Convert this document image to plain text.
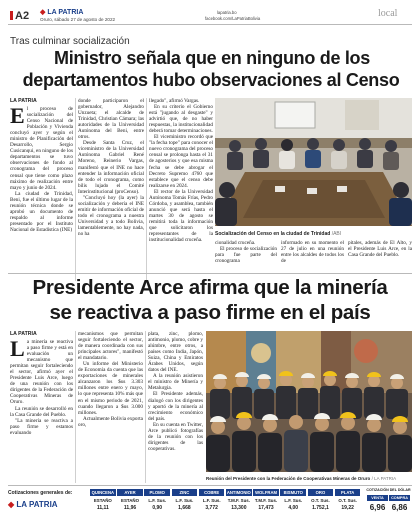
A2 ◆ LA PATRIA
Oruro, sábado 27 de agosto de 2022
lapatria.bo
facebook.com/LaPatriaBolivia	local
Tras culminar socialización
Ministro señala que en ninguno de los
departamentos hubo observaciones al Censo
LA PATRIA

El proceso de socialización del Censo Nacional de Población y Vivienda concluyó ayer y según el ministro de Planificación del Desarrollo, Sergio Cusicanqui, en ninguno de los departamentos se tuvo observaciones de fondo al cronograma del proceso censal que tiene como plazo máximo de realización entre mayo y junio de 2024.

La ciudad de Trinidad, Beni, fue el último lugar de la reunión técnica donde se aprobó un documento de respaldo al informe presentado por el Instituto Nacional de Estadística (INE)

donde participaron el gobernador, Alejandro Unzueta; el alcalde de Trinidad, Christian Cámara; las autoridades de la Universidad Autónoma del Beni, entre otros.

Desde Santa Cruz, el viceministro de la Universidad Autónoma Gabriel René Moreno, Reinerio Vargas, manifestó que el INE no hace entender la información oficial de todo el cronograma, como bilis lujado el Comité Interinstitucional (proCenso).

"Concluyó hoy (la ayer) la socialización y debería el INE emitir de información oficial de todo el cronograma a nuestra Universidad y a todo Bolivia, lamentablemente, no hay nada, no ha

llegado", afirmó Vargas.

En su criterio el Gobierno está "jugando al desgaste" y advirtió que, de no haber respuestas, la institucionalidad deberá tomar determinaciones.

El viceministro recordó que "la fecha tope" para conocer el nuevo cronograma del proceso censal se prolonga hasta el 31 de agosterios y que esa misma fecha se debe abrogar el Decreto Supremo 4760 que establece que el censo debe realizarse en 2024.

El rector de la Universidad Autónoma Tomás Frías, Pedro Córdoba, y asamblea, también anunció que será hasta el martes 30 de agosto se remitirá toda la información que solicitaron los representantes de la institucionalidad cruceña.

Socialización del Censo en la ciudad de Trinidad /ABI

cionalidad cruceña.

El proceso de socialización para fue parte del cronograma

informado en su momento el 27 de julio en una reunión entre los alcaldes de todos los de

pitales, además de El Alto, y el Presidente Luis Arce, en la Casa Grande del Pueblo.

Presidente Arce afirma que la minería
se reactiva a paso firme en el país
LA PATRIA

La minería se reactiva a paso firme y está en evaluación un mecanismo que permitan seguir fortaleciendo el sector, afirmó ayer el Presidente Luis Arce, luego de una reunión con los dirigentes de la Federación de Cooperativas Mineras de Oruro.

La reunión se desarrolló en la Casa Grande del Pueblo.

"La minería se reactiva a paso firme y estamos evaluando

mecanismos que permitan seguir fortaleciendo el sector, de manera coordinada con sus principales actores", manifestó el mandatario.

Un informe del Ministerio de Economía da cuenta que las exportaciones de minerales alcanzaron los $us 3.303 millones entre enero y mayo, lo que representa 10% más que en el mismo periodo de 2021, cuando llegaron a $us 3.000 millones.

Actualmente Bolivia exporta oro,

plata, zinc, plomo, antimonio, plomo, cobre y alúmbre, entre otros, a países como India, Japón, Suiza, China y Emiratos Árabes Unidos, según datos del INE.

A la reunión asistieron el ministro de Minería y Metalurgia.

El Presidente además, dialogó con los dirigentes y aportó de la minería al crecimiento económico del país.

En su cuenta en Twitter, Arce publicó fotografías de la reunión con los dirigentes de las cooperativas.

Reunión del Presidente con la Federación de Cooperativas Mineras de Oruro / LA PATRIA
Cotizaciones generales de:
◆ LA PATRIA
QUINCENA
ESTAÑO
11,11
AYER
ESTAÑO
11,96
PLOMO
L.F. Sus.
0,90
ZINC
L.F. Sus.
1,668
COBRE
L.F. Sus.
3,772
ANTIMONIO
T.M.F. Sus.
13,300
WOLFRAM
T.M.F. Sus.
17,473
BISMUTO
L.F. Sus.
4,00
ORO
O.T. Sus.
1.752,1
PLATA
O.T. Sus.
19,22
COTIZACIÓN DEL DÓLAR
VENTA	COMPRA
6,96 6,86
